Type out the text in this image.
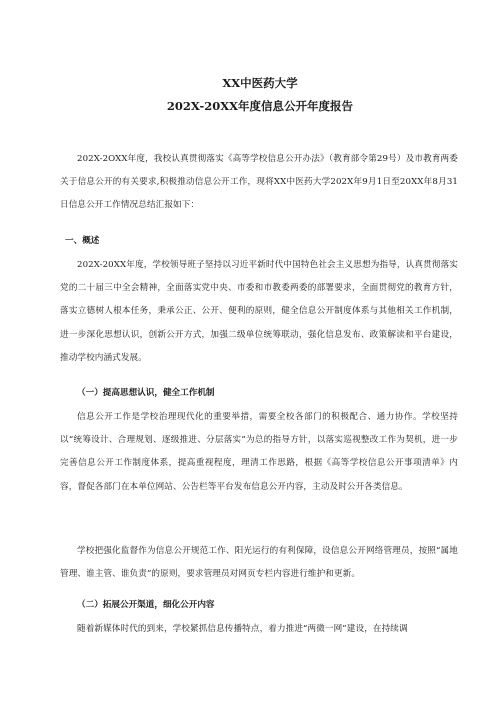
XX中医药大学
202X-20XX年度信息公开年度报告

202X-2OXX年度，我校认真贯彻落实《高等学校信息公开办法》（教育部令第29号）及市教育两委关于信息公开的有关要求,积极推动信息公开工作，现将XX中医药大学202X年9月1日至20XX年8月31日信息公开工作情况总结汇报如下：

一、概述

202X-20XX年度，学校领导班子坚持以习近平新时代中国特色社会主义思想为指导，认真贯彻落实党的二十届三中全会精神，全面落实党中央、市委和市教委两委的部署要求，全面贯彻党的教育方针，落实立德树人根本任务，秉承公正、公开、便利的原则，健全信息公开制度体系与其他相关工作机制，进一步深化思想认识，创新公开方式，加强二级单位统筹联动，强化信息发布、政策解读和平台建设，推动学校内涵式发展。

（一）提高思想认识，健全工作机制

信息公开工作是学校治理现代化的重要举措，需要全校各部门的积极配合、通力协作。学校坚持以“统筹设计、合理规划、逐级推进、分层落实”为总的指导方针，以落实巡视整改工作为契机，进一步完善信息公开工作制度体系，提高重视程度，理清工作思路，根据《高等学校信息公开事项清单》内容，督促各部门在本单位网站、公告栏等平台发布信息公开内容，主动及时公开各类信息。

学校把强化监督作为信息公开规范工作、阳光运行的有利保障，设信息公开网络管理员，按照“属地管理、谁主管、谁负责”的原则，要求管理员对网页专栏内容进行维护和更新。

（二）拓展公开渠道，细化公开内容

随着新媒体时代的到来，学校紧抓信息传播特点，着力推进“两微一网”建设，在持续调
